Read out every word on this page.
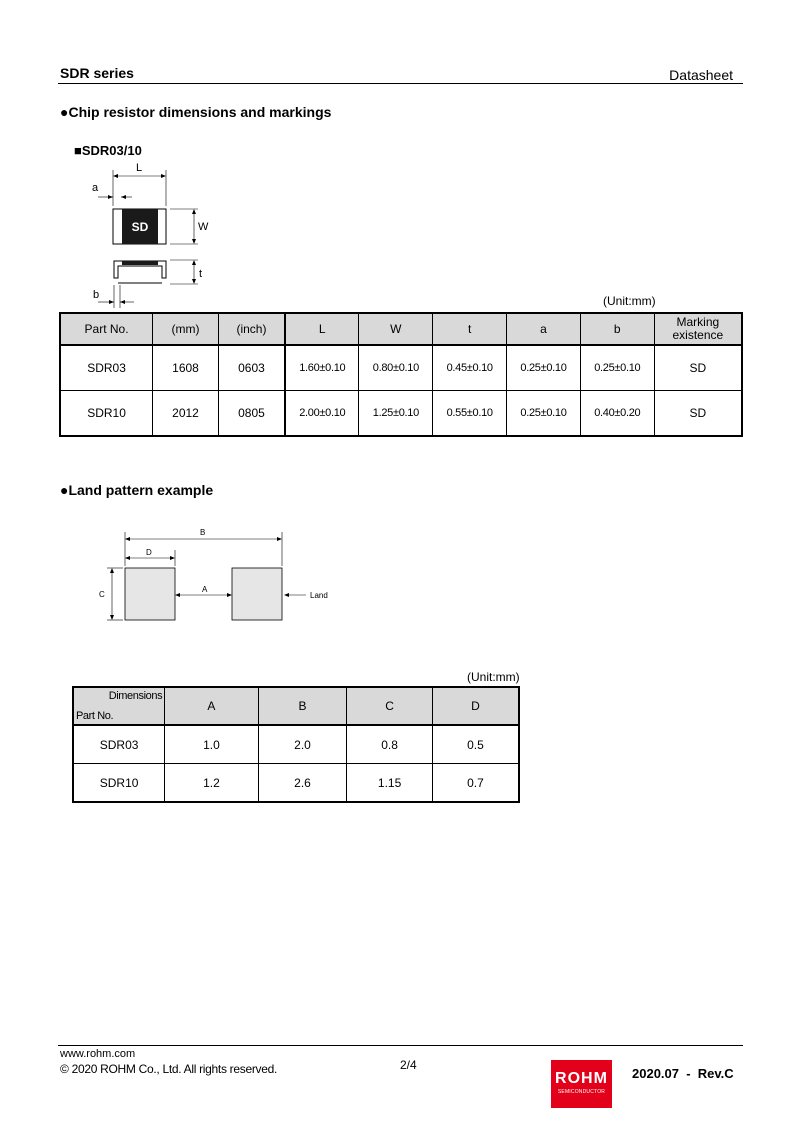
SDR series	Datasheet
●Chip resistor dimensions and markings
■SDR03/10
L
a
SD	W
t
b	(Unit:mm)
Part No.	(mm)	(inch)	L	W	t	a	b	Marking existence
SDR03	1608	0603	1.60±0.10	0.80±0.10	0.45±0.10	0.25±0.10	0.25±0.10	SD
SDR10	2012	0805	2.00±0.10	1.25±0.10	0.55±0.10	0.25±0.10	0.40±0.20	SD
●Land pattern example
B
D
C
A
Land
(Unit:mm)
Dimensions
Part No.	A	B	C	D
SDR03	1.0	2.0	0.8	0.5
SDR10	1.2	2.6	1.15	0.7
www.rohm.com
© 2020 ROHM Co., Ltd. All rights reserved.	2/4
ROHM
SEMICONDUCTOR
2020.07  -  Rev.C
